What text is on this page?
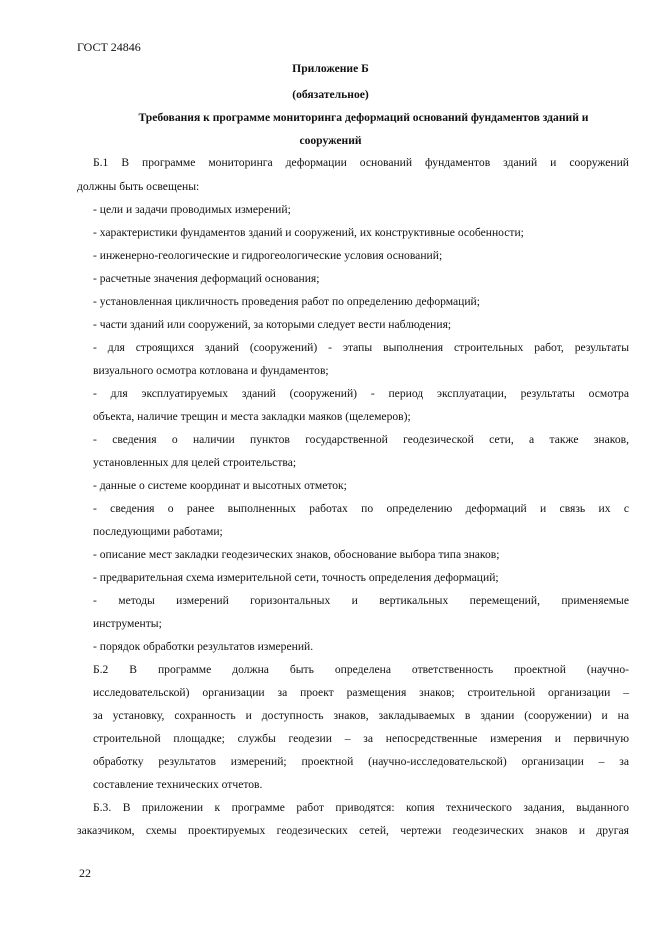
ГОСТ 24846
Приложение Б
(обязательное)
Требования к программе мониторинга деформаций оснований фундаментов зданий и
сооружений
Б.1 В программе мониторинга деформации оснований фундаментов зданий и сооружений
должны быть освещены:
- цели и задачи проводимых измерений;
- характеристики фундаментов зданий и сооружений, их конструктивные особенности;
- инженерно-геологические и гидрогеологические условия оснований;
- расчетные значения деформаций основания;
- установленная цикличность проведения работ по определению деформаций;
- части зданий или сооружений, за которыми следует вести наблюдения;
- для строящихся зданий (сооружений) - этапы выполнения строительных работ, результаты
визуального осмотра котлована и фундаментов;
- для эксплуатируемых зданий (сооружений) - период эксплуатации, результаты осмотра
объекта, наличие трещин и места закладки маяков (щелемеров);
- сведения о наличии пунктов государственной геодезической сети, а также знаков,
установленных для целей строительства;
- данные о системе координат и высотных отметок;
- сведения о ранее выполненных работах по определению деформаций и связь их с
последующими работами;
- описание мест закладки геодезических знаков, обоснование выбора типа знаков;
- предварительная схема измерительной сети, точность определения деформаций;
- методы измерений горизонтальных и вертикальных перемещений, применяемые
инструменты;
- порядок обработки результатов измерений.
Б.2 В программе должна быть определена ответственность проектной (научно-
исследовательской) организации за проект размещения знаков; строительной организации –
за установку, сохранность и доступность знаков, закладываемых в здании (сооружении) и на
строительной площадке; службы геодезии – за непосредственные измерения и первичную
обработку результатов измерений; проектной (научно-исследовательской) организации – за
составление технических отчетов.
Б.3. В приложении к программе работ приводятся: копия технического задания, выданного
заказчиком, схемы проектируемых геодезических сетей, чертежи геодезических знаков и другая
22
